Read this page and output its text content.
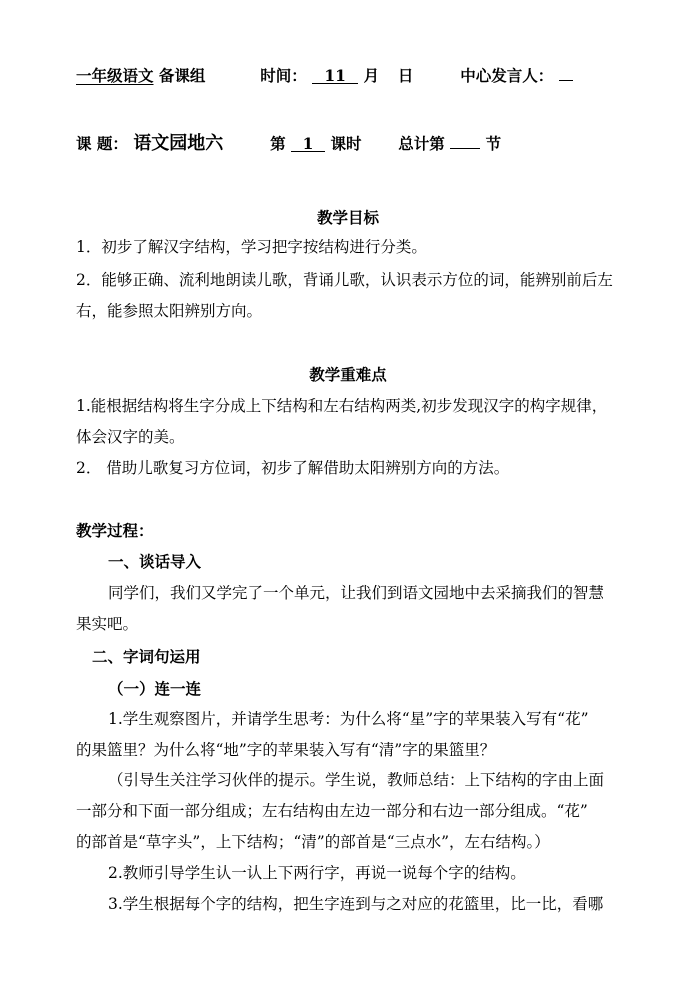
一年级语文 备课组	时间： 11 月 日	中心发言人：
课 题： 语文园地六	第 1 课时 总计第	节
教学目标
1．初步了解汉字结构，学习把字按结构进行分类。
2．能够正确、流利地朗读儿歌，背诵儿歌，认识表示方位的词，能辨别前后左
右，能参照太阳辨别方向。
教学重难点
1.能根据结构将生字分成上下结构和左右结构两类,初步发现汉字的构字规律，
体会汉字的美。
2． 借助儿歌复习方位词，初步了解借助太阳辨别方向的方法。
教学过程：
一、谈话导入
同学们，我们又学完了一个单元，让我们到语文园地中去采摘我们的智慧
果实吧。
二、字词句运用
（一）连一连
1.学生观察图片，并请学生思考：为什么将“星”字的苹果装入写有“花”
的果篮里？为什么将“地”字的苹果装入写有“清”字的果篮里？
（引导生关注学习伙伴的提示。学生说，教师总结：上下结构的字由上面
一部分和下面一部分组成；左右结构由左边一部分和右边一部分组成。“花”
的部首是“草字头”，上下结构；“清”的部首是“三点水”，左右结构。）
2.教师引导学生认一认上下两行字，再说一说每个字的结构。
3.学生根据每个字的结构，把生字连到与之对应的花篮里，比一比，看哪
